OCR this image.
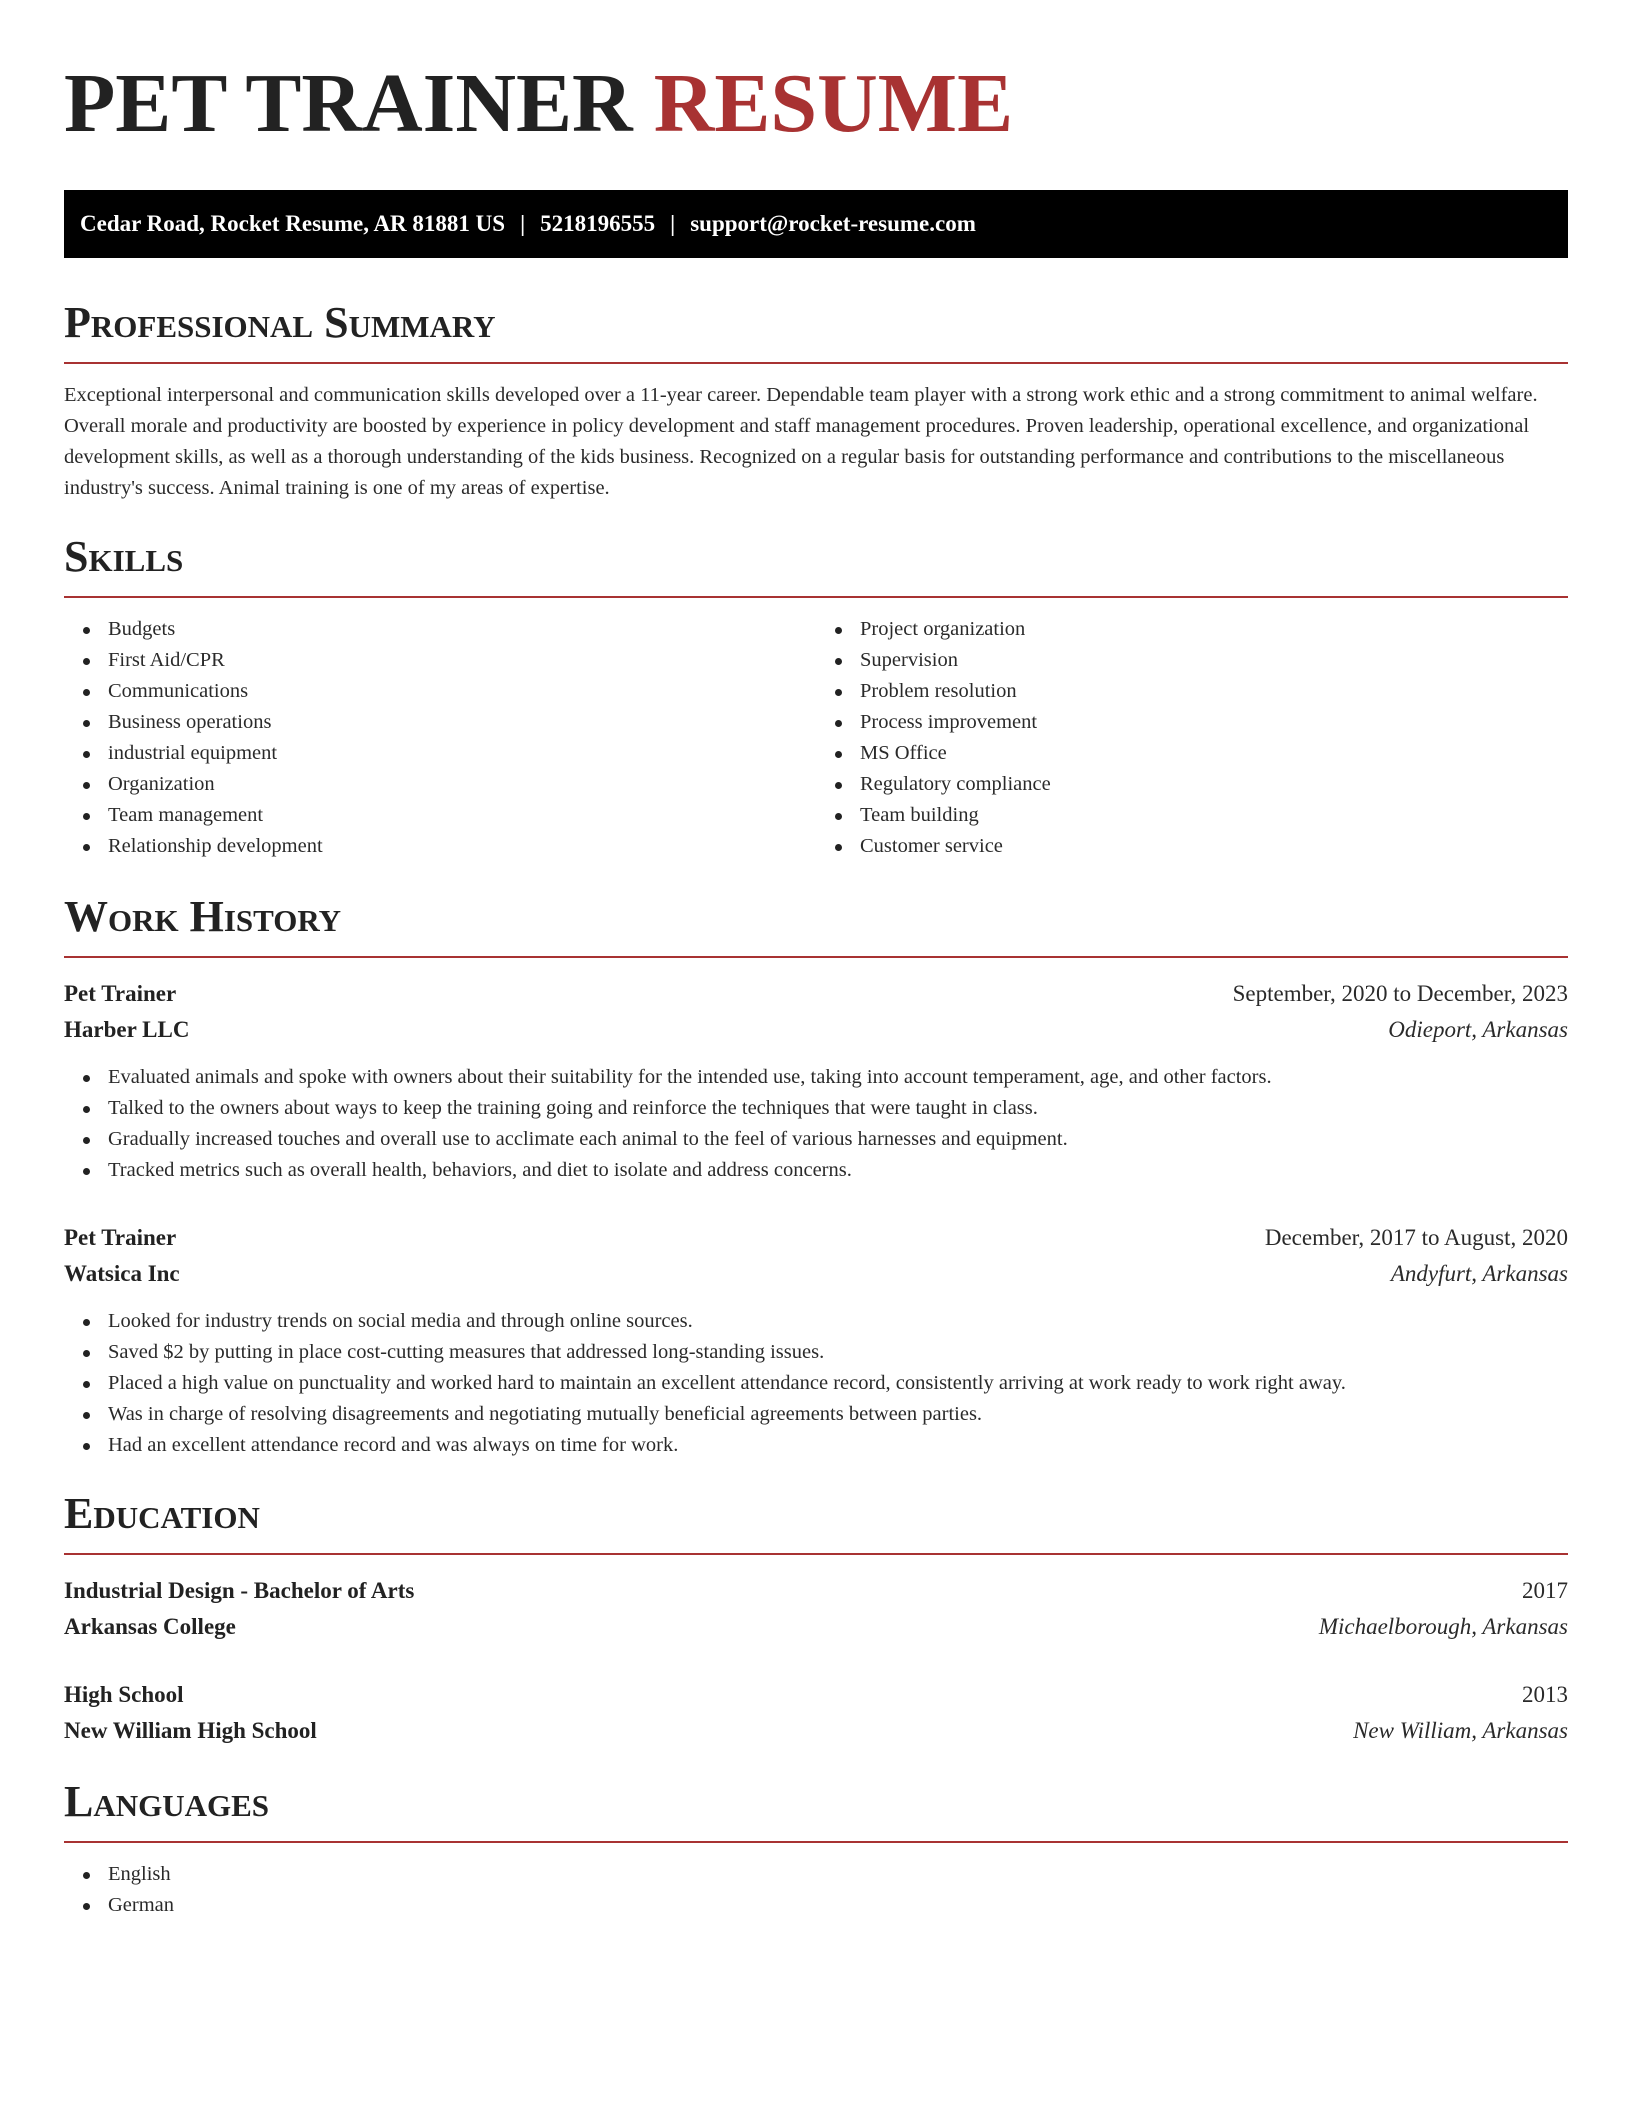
PET TRAINER RESUME
Cedar Road, Rocket Resume, AR 81881 US | 5218196555 | support@rocket-resume.com
Professional Summary

Exceptional interpersonal and communication skills developed over a 11-year career. Dependable team player with a strong work ethic and a strong commitment to animal welfare. Overall morale and productivity are boosted by experience in policy development and staff management procedures. Proven leadership, operational excellence, and organizational development skills, as well as a thorough understanding of the kids business. Recognized on a regular basis for outstanding performance and contributions to the miscellaneous industry's success. Animal training is one of my areas of expertise.

Skills
Budgets
First Aid/CPR
Communications
Business operations
industrial equipment
Organization
Team management
Relationship development
Project organization
Supervision
Problem resolution
Process improvement
MS Office
Regulatory compliance
Team building
Customer service
Work History
Pet Trainer	September, 2020 to December, 2023
Harber LLC	Odieport, Arkansas
Evaluated animals and spoke with owners about their suitability for the intended use, taking into account temperament, age, and other factors.
Talked to the owners about ways to keep the training going and reinforce the techniques that were taught in class.
Gradually increased touches and overall use to acclimate each animal to the feel of various harnesses and equipment.
Tracked metrics such as overall health, behaviors, and diet to isolate and address concerns.
Pet Trainer	December, 2017 to August, 2020
Watsica Inc	Andyfurt, Arkansas
Looked for industry trends on social media and through online sources.
Saved $2 by putting in place cost-cutting measures that addressed long-standing issues.
Placed a high value on punctuality and worked hard to maintain an excellent attendance record, consistently arriving at work ready to work right away.
Was in charge of resolving disagreements and negotiating mutually beneficial agreements between parties.
Had an excellent attendance record and was always on time for work.
Education
Industrial Design - Bachelor of Arts	2017
Arkansas College	Michaelborough, Arkansas
High School	2013
New William High School	New William, Arkansas
Languages
English
German
